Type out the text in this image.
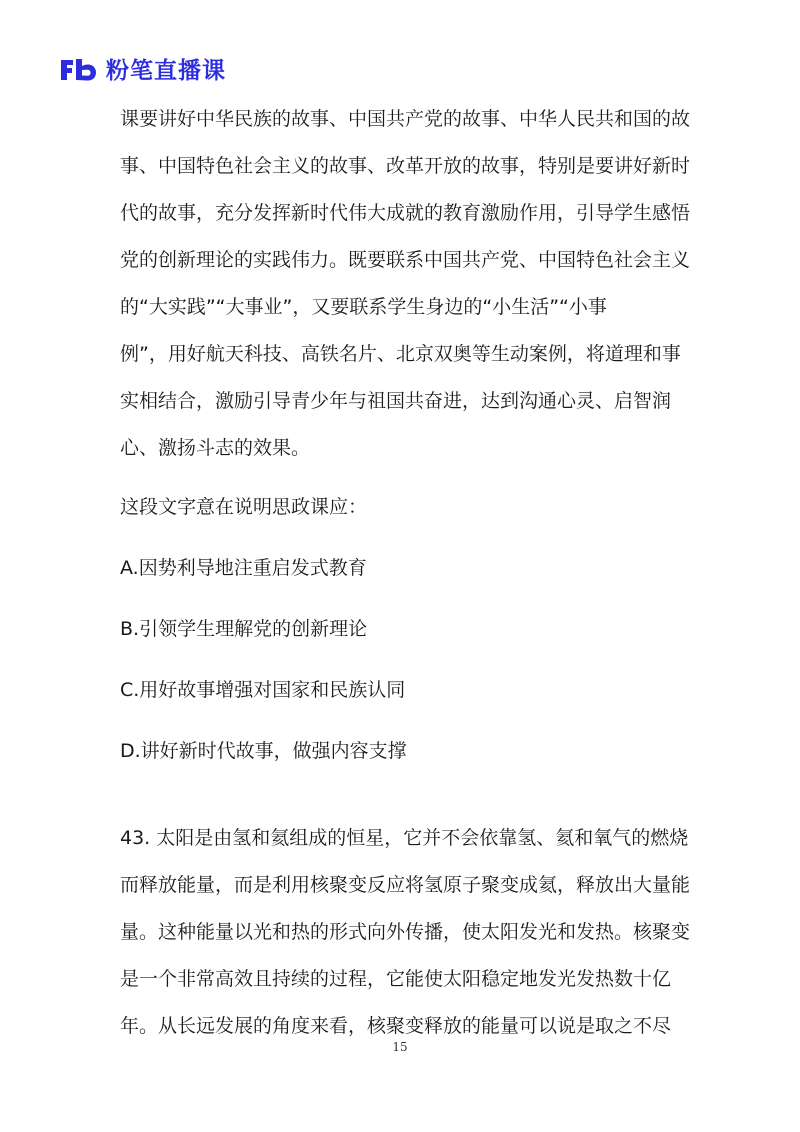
粉笔直播课

课要讲好中华民族的故事、中国共产党的故事、中华人民共和国的故

事、中国特色社会主义的故事、改革开放的故事，特别是要讲好新时

代的故事，充分发挥新时代伟大成就的教育激励作用，引导学生感悟

党的创新理论的实践伟力。既要联系中国共产党、中国特色社会主义

的“大实践”“大事业”，又要联系学生身边的“小生活”“小事

例”，用好航天科技、高铁名片、北京双奥等生动案例，将道理和事

实相结合，激励引导青少年与祖国共奋进，达到沟通心灵、启智润

心、激扬斗志的效果。

这段文字意在说明思政课应：
A.因势利导地注重启发式教育
B.引领学生理解党的创新理论
C.用好故事增强对国家和民族认同
D.讲好新时代故事，做强内容支撑

43. 太阳是由氢和氦组成的恒星，它并不会依靠氢、氦和氧气的燃烧

而释放能量，而是利用核聚变反应将氢原子聚变成氦，释放出大量能

量。这种能量以光和热的形式向外传播，使太阳发光和发热。核聚变

是一个非常高效且持续的过程，它能使太阳稳定地发光发热数十亿

年。从长远发展的角度来看，核聚变释放的能量可以说是取之不尽

15
